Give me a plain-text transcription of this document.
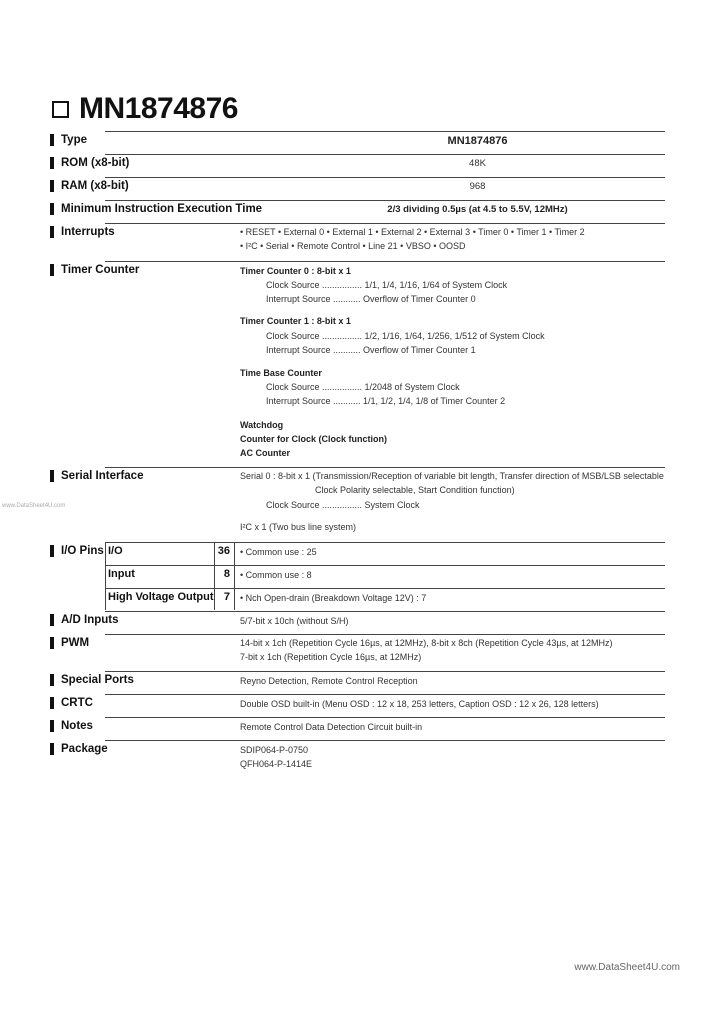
MN1874876
www.DataSheet4U.com
Type	MN1874876
ROM (x8-bit)	48K
RAM (x8-bit)	968
Minimum Instruction Execution Time	2/3 dividing 0.5µs (at 4.5 to 5.5V, 12MHz)
Interrupts	• RESET • External 0 • External 1 • External 2 • External 3 • Timer 0 • Timer 1 • Timer 2
• I²C • Serial • Remote Control • Line 21 • VBSO • OOSD
Timer Counter	Timer Counter 0 : 8-bit x 1
Clock Source ................ 1/1, 1/4, 1/16, 1/64 of System Clock
Interrupt Source ........... Overflow of Timer Counter 0
Timer Counter 1 : 8-bit x 1
Clock Source ................ 1/2, 1/16, 1/64, 1/256, 1/512 of System Clock
Interrupt Source ........... Overflow of Timer Counter 1
Time Base Counter
Clock Source ................ 1/2048 of System Clock
Interrupt Source ........... 1/1, 1/2, 1/4, 1/8 of Timer Counter 2
Watchdog
Counter for Clock (Clock function)
AC Counter
Serial Interface	Serial 0 : 8-bit x 1 (Transmission/Reception of variable bit length, Transfer direction of MSB/LSB selectable
Clock Polarity selectable, Start Condition function)
Clock Source ................ System Clock
I²C x 1 (Two bus line system)
I/O Pins I/O	36 • Common use : 25
Input	8 • Common use : 8
High Voltage Output 7 • Nch Open-drain (Breakdown Voltage 12V) : 7
A/D Inputs	5/7-bit x 10ch (without S/H)
PWM	14-bit x 1ch (Repetition Cycle 16µs, at 12MHz), 8-bit x 8ch (Repetition Cycle 43µs, at 12MHz)
7-bit x 1ch (Repetition Cycle 16µs, at 12MHz)
Special Ports	Reyno Detection, Remote Control Reception
CRTC	Double OSD built-in (Menu OSD : 12 x 18, 253 letters, Caption OSD : 12 x 26, 128 letters)
Notes	Remote Control Data Detection Circuit built-in
Package	SDIP064-P-0750
QFH064-P-1414E
www.DataSheet4U.com
